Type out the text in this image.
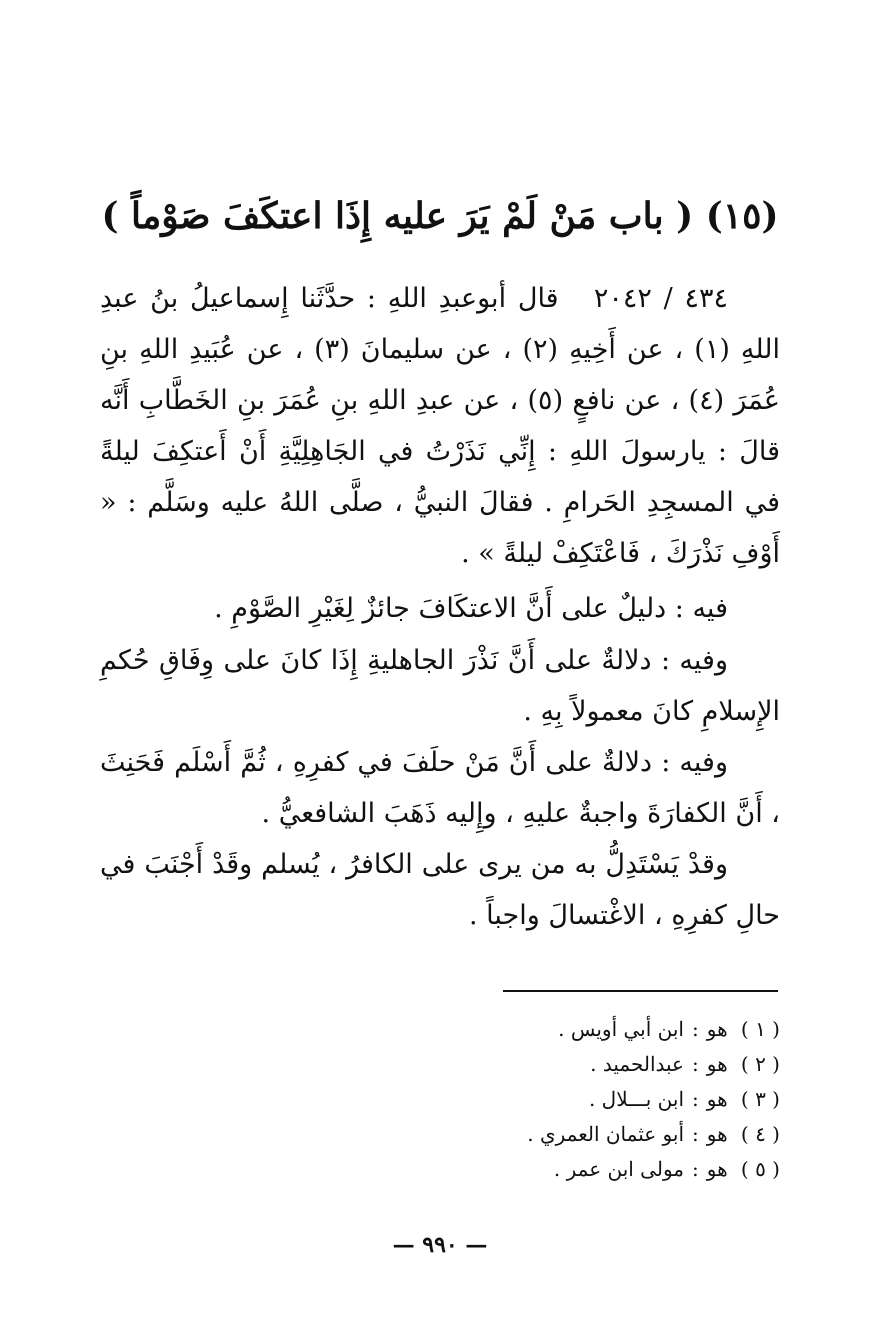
(١٥) ( باب مَنْ لَمْ يَرَ عليه إِذَا اعتكَفَ صَوْماً )
٤٣٤ / ٢٠٤٢   قال أبوعبدِ اللهِ : حدَّثَنا إِسماعيلُ بنُ عبدِ اللهِ (١) ، عن أَخِيهِ (٢) ، عن سليمانَ (٣) ، عن عُبَيدِ اللهِ بنِ عُمَرَ (٤) ، عن نافعٍ (٥) ، عن عبدِ اللهِ بنِ عُمَرَ بنِ الخَطَّابِ أَنَّه قالَ : يارسولَ اللهِ : إِنِّي نَذَرْتُ في الجَاهِلِيَّةِ أَنْ أَعتكِفَ ليلةً في المسجِدِ الحَرامِ . فقالَ النبيُّ ، صلَّى اللهُ عليه وسَلَّم : « أَوْفِ نَذْرَكَ ، فَاعْتَكِفْ ليلةً » .
فيه : دليلٌ على أَنَّ الاعتكَافَ جائزٌ لِغَيْرِ الصَّوْمِ .
وفيه : دلالةٌ على أَنَّ نَذْرَ الجاهليةِ إِذَا كانَ على وِفَاقِ حُكمِ الإِسلامِ كانَ معمولاً بِهِ .
وفيه : دلالةٌ على أَنَّ مَنْ حلَفَ في كفرِهِ ، ثُمَّ أَسْلَم فَحَنِثَ ، أَنَّ الكفارَةَ واجبةٌ عليهِ ، وإِليه ذَهَبَ الشافعيُّ .
وقدْ يَسْتَدِلُّ به من يرى على الكافرُ ، يُسلم وقَدْ أَجْنَبَ في حالِ كفرِهِ ، الاغْتسالَ واجباً .
( ١ ) هو:ابن أبي أويس .
( ٢ ) هو:عبدالحميد .
( ٣ ) هو:ابن بـــلال .
( ٤ ) هو:أبو عثمان العمري .
( ٥ ) هو:مولى ابن عمر .
— ٩٩٠ —
